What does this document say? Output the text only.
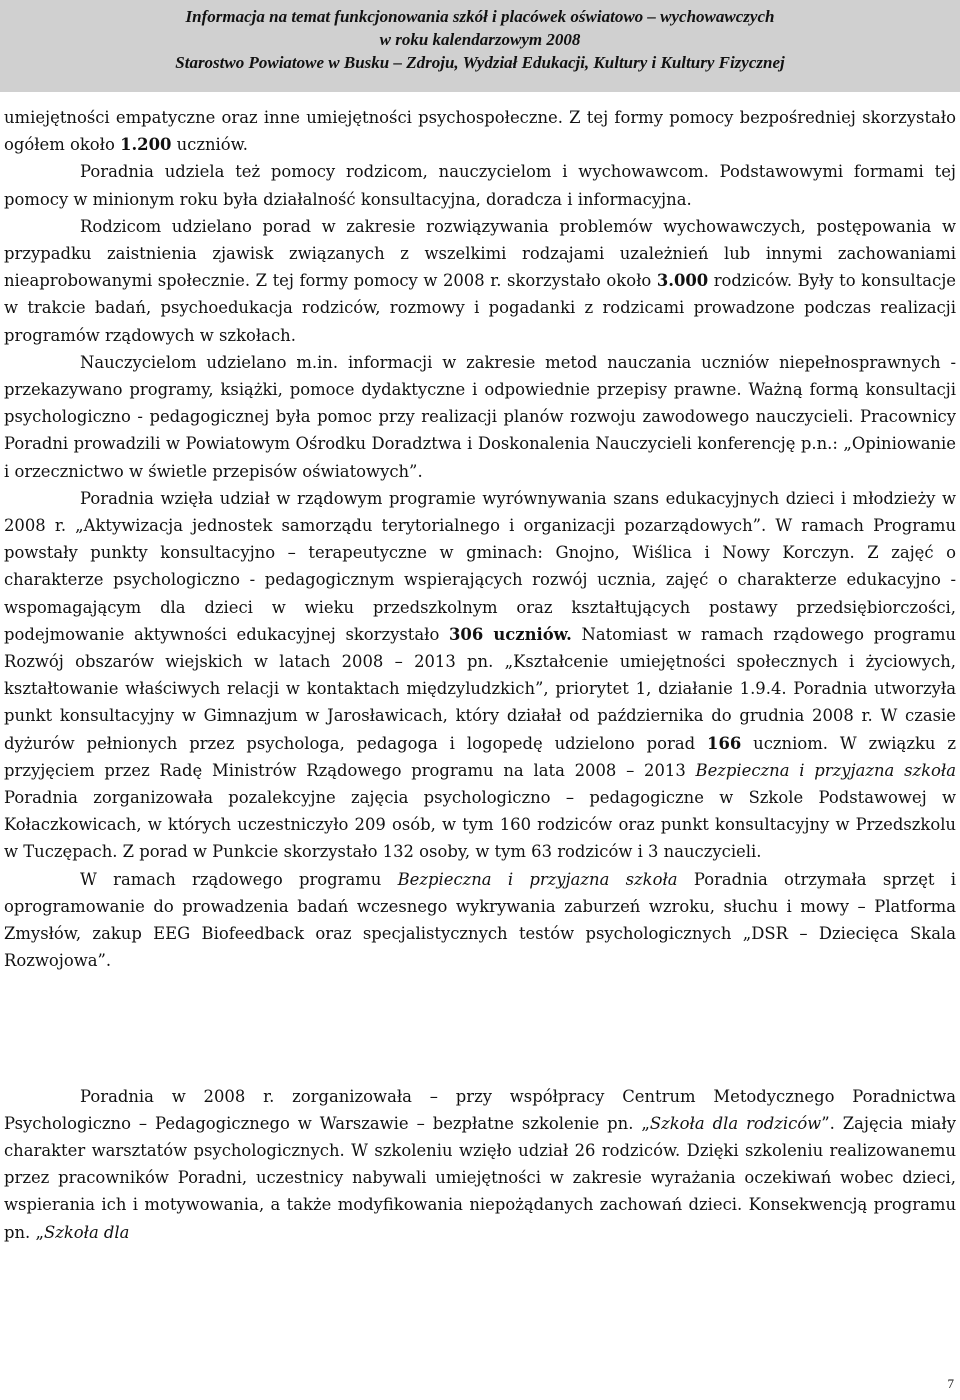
Informacja na temat funkcjonowania szkół i placówek oświatowo – wychowawczych
w roku kalendarzowym 2008
Starostwo Powiatowe w Busku – Zdroju, Wydział Edukacji, Kultury i Kultury Fizycznej

umiejętności empatyczne oraz inne umiejętności psychospołeczne. Z tej formy pomocy bezpośredniej skorzystało ogółem około 1.200 uczniów.

Poradnia udziela też pomocy rodzicom, nauczycielom i wychowawcom. Podstawowymi formami tej pomocy w minionym roku była działalność konsultacyjna, doradcza i informacyjna.

Rodzicom udzielano porad w zakresie rozwiązywania problemów wychowawczych, postępowania w przypadku zaistnienia zjawisk związanych z wszelkimi rodzajami uzależnień lub innymi zachowaniami nieaprobowanymi społecznie. Z tej formy pomocy w 2008 r. skorzystało około 3.000 rodziców. Były to konsultacje w trakcie badań, psychoedukacja rodziców, rozmowy i pogadanki z rodzicami prowadzone podczas realizacji programów rządowych w szkołach.

Nauczycielom udzielano m.in. informacji w zakresie metod nauczania uczniów niepełnosprawnych - przekazywano programy, książki, pomoce dydaktyczne i odpowiednie przepisy prawne. Ważną formą konsultacji psychologiczno - pedagogicznej była pomoc przy realizacji planów rozwoju zawodowego nauczycieli. Pracownicy Poradni prowadzili w Powiatowym Ośrodku Doradztwa i Doskonalenia Nauczycieli konferencję p.n.: „Opiniowanie i orzecznictwo w świetle przepisów oświatowych”.

Poradnia wzięła udział w rządowym programie wyrównywania szans edukacyjnych dzieci i młodzieży w 2008 r. „Aktywizacja jednostek samorządu terytorialnego i organizacji pozarządowych”. W ramach Programu powstały punkty konsultacyjno – terapeutyczne w gminach: Gnojno, Wiślica i Nowy Korczyn. Z zajęć o charakterze psychologiczno - pedagogicznym wspierających rozwój ucznia, zajęć o charakterze edukacyjno - wspomagającym dla dzieci w wieku przedszkolnym oraz kształtujących postawy przedsiębiorczości, podejmowanie aktywności edukacyjnej skorzystało 306 uczniów. Natomiast w ramach rządowego programu Rozwój obszarów wiejskich w latach 2008 – 2013 pn. „Kształcenie umiejętności społecznych i życiowych, kształtowanie właściwych relacji w kontaktach międzyludzkich”, priorytet 1, działanie 1.9.4. Poradnia utworzyła punkt konsultacyjny w Gimnazjum w Jarosławicach, który działał od października do grudnia 2008 r. W czasie dyżurów pełnionych przez psychologa, pedagoga i logopedę udzielono porad 166 uczniom. W związku z przyjęciem przez Radę Ministrów Rządowego programu na lata 2008 – 2013 Bezpieczna i przyjazna szkoła Poradnia zorganizowała pozalekcyjne zajęcia psychologiczno – pedagogiczne w Szkole Podstawowej w Kołaczkowicach, w których uczestniczyło 209 osób, w tym 160 rodziców oraz punkt konsultacyjny w Przedszkolu w Tuczępach. Z porad w Punkcie skorzystało 132 osoby, w tym 63 rodziców i 3 nauczycieli.

W ramach rządowego programu Bezpieczna i przyjazna szkoła Poradnia otrzymała sprzęt i oprogramowanie do prowadzenia badań wczesnego wykrywania zaburzeń wzroku, słuchu i mowy – Platforma Zmysłów, zakup EEG Biofeedback oraz specjalistycznych testów psychologicznych „DSR – Dziecięca Skala Rozwojowa”.

Poradnia w 2008 r. zorganizowała – przy współpracy Centrum Metodycznego Poradnictwa Psychologiczno – Pedagogicznego w Warszawie – bezpłatne szkolenie pn. „Szkoła dla rodziców”. Zajęcia miały charakter warsztatów psychologicznych. W szkoleniu wzięło udział 26 rodziców. Dzięki szkoleniu realizowanemu przez pracowników Poradni, uczestnicy nabywali umiejętności w zakresie wyrażania oczekiwań wobec dzieci, wspierania ich i motywowania, a także modyfikowania niepożądanych zachowań dzieci. Konsekwencją programu pn. „Szkoła dla

7
